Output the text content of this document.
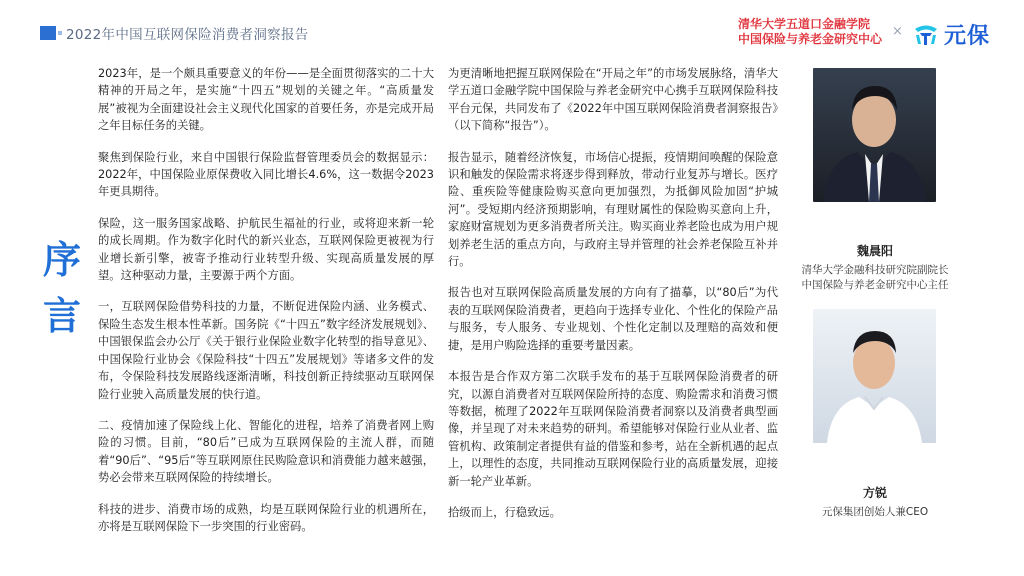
2022年中国互联网保险消费者洞察报告
清华大学五道口金融学院
中国保险与养老金研究中心 × 元保
序言

2023年，是一个颇具重要意义的年份——是全面贯彻落实的二十大精神的开局之年，是实施“十四五”规划的关键之年。“高质量发展”被视为全面建设社会主义现代化国家的首要任务，亦是完成开局之年目标任务的关键。

聚焦到保险行业，来自中国银行保险监督管理委员会的数据显示：2022年，中国保险业原保费收入同比增长4.6%，这一数据令2023年更具期待。

保险，这一服务国家战略、护航民生福祉的行业，或将迎来新一轮的成长周期。作为数字化时代的新兴业态，互联网保险更被视为行业增长新引擎，被寄予推动行业转型升级、实现高质量发展的厚望。这种驱动力量，主要源于两个方面。

一，互联网保险借势科技的力量，不断促进保险内涵、业务模式、保险生态发生根本性革新。国务院《“十四五”数字经济发展规划》、中国银保监会办公厅《关于银行业保险业数字化转型的指导意见》、中国保险行业协会《保险科技“十四五”发展规划》等诸多文件的发布，令保险科技发展路线逐渐清晰，科技创新正持续驱动互联网保险行业驶入高质量发展的快行道。

二、疫情加速了保险线上化、智能化的进程，培养了消费者网上购险的习惯。目前，“80后”已成为互联网保险的主流人群，而随着“90后”、“95后”等互联网原住民购险意识和消费能力越来越强，势必会带来互联网保险的持续增长。

科技的进步、消费市场的成熟，均是互联网保险行业的机遇所在，亦将是互联网保险下一步突围的行业密码。

为更清晰地把握互联网保险在“开局之年”的市场发展脉络，清华大学五道口金融学院中国保险与养老金研究中心携手互联网保险科技平台元保，共同发布了《2022年中国互联网保险消费者洞察报告》（以下简称“报告”）。

报告显示，随着经济恢复，市场信心提振，疫情期间唤醒的保险意识和触发的保险需求将逐步得到释放，带动行业复苏与增长。医疗险、重疾险等健康险购买意向更加强烈，为抵御风险加固“护城河”。受短期内经济预期影响，有理财属性的保险购买意向上升，家庭财富规划为更多消费者所关注。购买商业养老险也成为用户规划养老生活的重点方向，与政府主导并管理的社会养老保险互补并行。

报告也对互联网保险高质量发展的方向有了描摹，以“80后”为代表的互联网保险消费者，更趋向于选择专业化、个性化的保险产品与服务，专人服务、专业规划、个性化定制以及理赔的高效和便捷，是用户购险选择的重要考量因素。

本报告是合作双方第二次联手发布的基于互联网保险消费者的研究，以源自消费者对互联网保险所持的态度、购险需求和消费习惯等数据，梳理了2022年互联网保险消费者洞察以及消费者典型画像，并呈现了对未来趋势的研判。希望能够对保险行业从业者、监管机构、政策制定者提供有益的借鉴和参考，站在全新机遇的起点上，以理性的态度，共同推动互联网保险行业的高质量发展，迎接新一轮产业革新。

拾级而上，行稳致远。

魏晨阳
清华大学金融科技研究院副院长
中国保险与养老金研究中心主任
方锐
元保集团创始人兼CEO
